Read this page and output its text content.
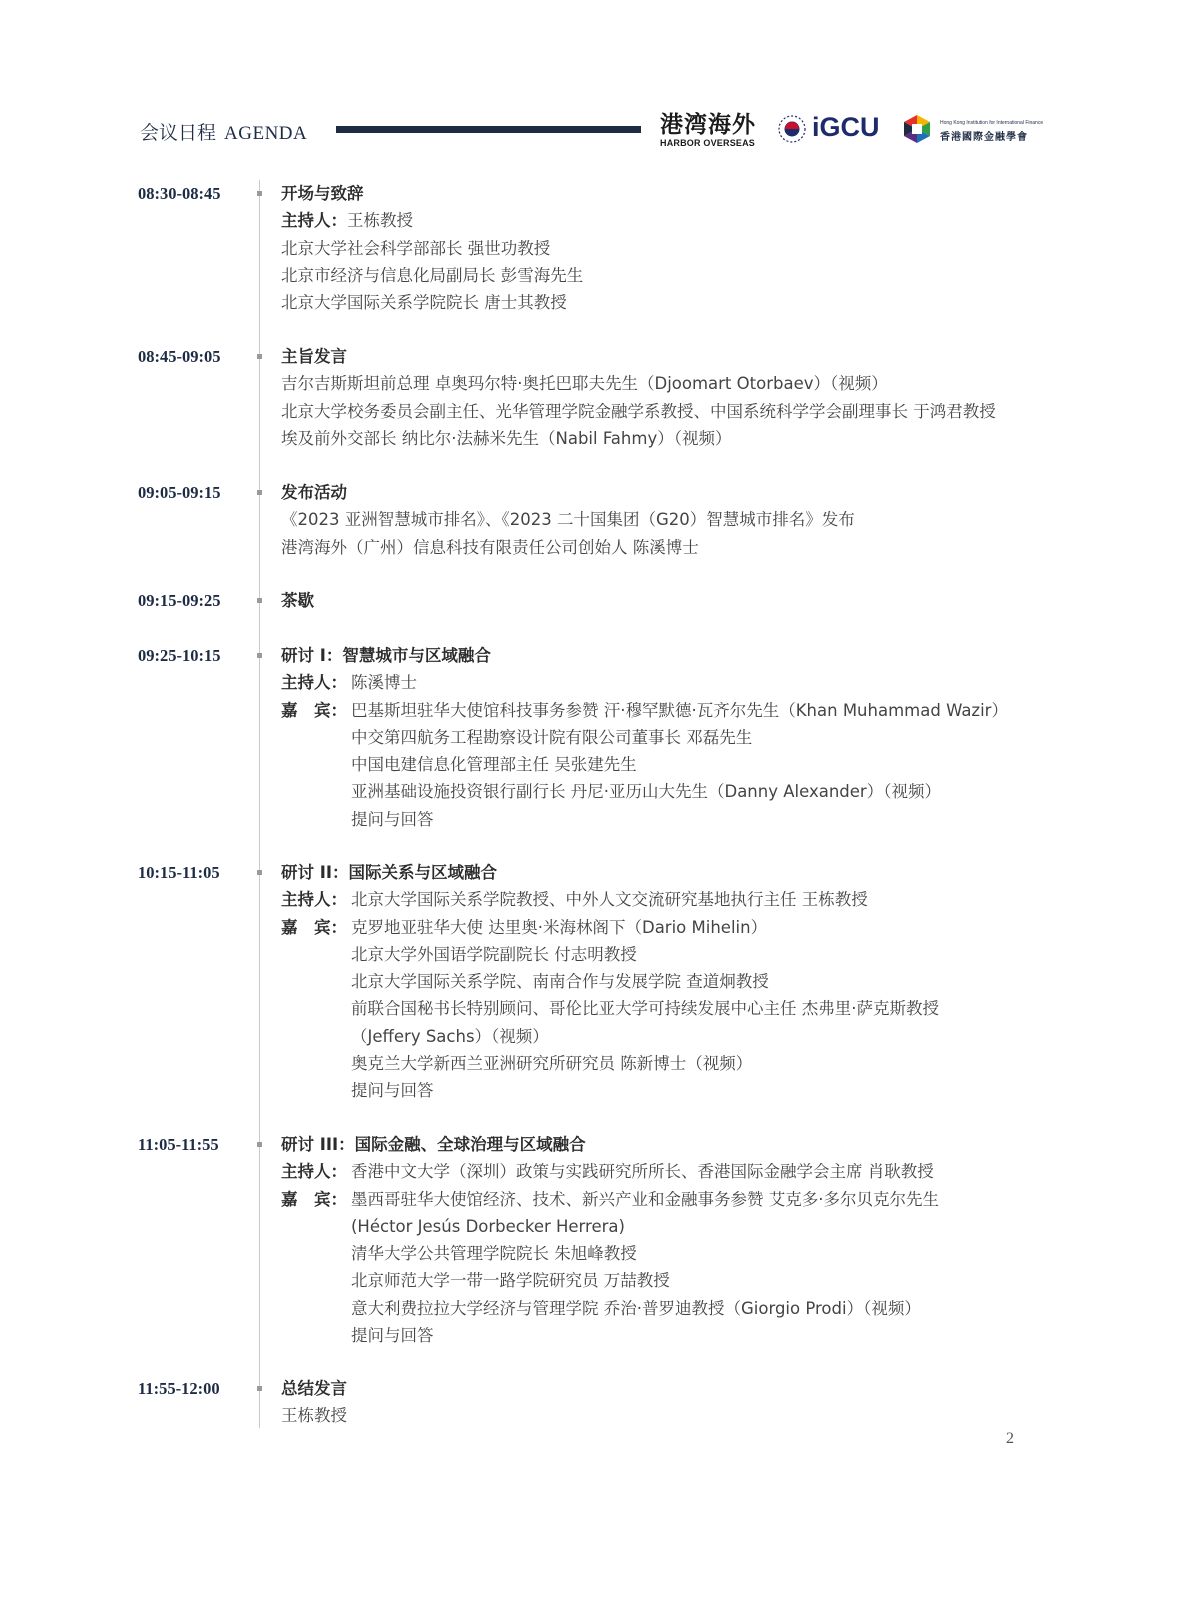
会议日程 AGENDA	港湾海外
HARBOR OVERSEAS
iGCU	Hong Kong Institution for International Finance
香港國際金融學會
08:30-08:45	开场与致辞
主持人：王栋教授
北京大学社会科学部部长 强世功教授
北京市经济与信息化局副局长 彭雪海先生
北京大学国际关系学院院长 唐士其教授
08:45-09:05	主旨发言
吉尔吉斯斯坦前总理 卓奥玛尔特·奥托巴耶夫先生（Djoomart Otorbaev）（视频）
北京大学校务委员会副主任、光华管理学院金融学系教授、中国系统科学学会副理事长 于鸿君教授
埃及前外交部长 纳比尔·法赫米先生（Nabil Fahmy）（视频）
09:05-09:15	发布活动
《2023 亚洲智慧城市排名》、《2023 二十国集团（G20）智慧城市排名》发布
港湾海外（广州）信息科技有限责任公司创始人 陈溪博士
09:15-09:25	茶歇
09:25-10:15	研讨 I：智慧城市与区域融合
主持人： 陈溪博士
嘉　宾： 巴基斯坦驻华大使馆科技事务参赞 汗·穆罕默德·瓦齐尔先生（Khan Muhammad Wazir）
中交第四航务工程勘察设计院有限公司董事长 邓磊先生
中国电建信息化管理部主任 吴张建先生
亚洲基础设施投资银行副行长 丹尼·亚历山大先生（Danny Alexander）（视频）
提问与回答
10:15-11:05	研讨 II：国际关系与区域融合
主持人： 北京大学国际关系学院教授、中外人文交流研究基地执行主任 王栋教授
嘉　宾： 克罗地亚驻华大使 达里奥·米海林阁下（Dario Mihelin）
北京大学外国语学院副院长 付志明教授
北京大学国际关系学院、南南合作与发展学院 查道炯教授
前联合国秘书长特别顾问、哥伦比亚大学可持续发展中心主任 杰弗里·萨克斯教授
（Jeffery Sachs）（视频）
奥克兰大学新西兰亚洲研究所研究员 陈新博士（视频）
提问与回答
11:05-11:55	研讨 III：国际金融、全球治理与区域融合
主持人： 香港中文大学（深圳）政策与实践研究所所长、香港国际金融学会主席 肖耿教授
嘉　宾： 墨西哥驻华大使馆经济、技术、新兴产业和金融事务参赞 艾克多·多尔贝克尔先生
(Héctor Jesús Dorbecker Herrera)
清华大学公共管理学院院长 朱旭峰教授
北京师范大学一带一路学院研究员 万喆教授
意大利费拉拉大学经济与管理学院 乔治·普罗迪教授（Giorgio Prodi）（视频）
提问与回答
11:55-12:00	总结发言
王栋教授
2
